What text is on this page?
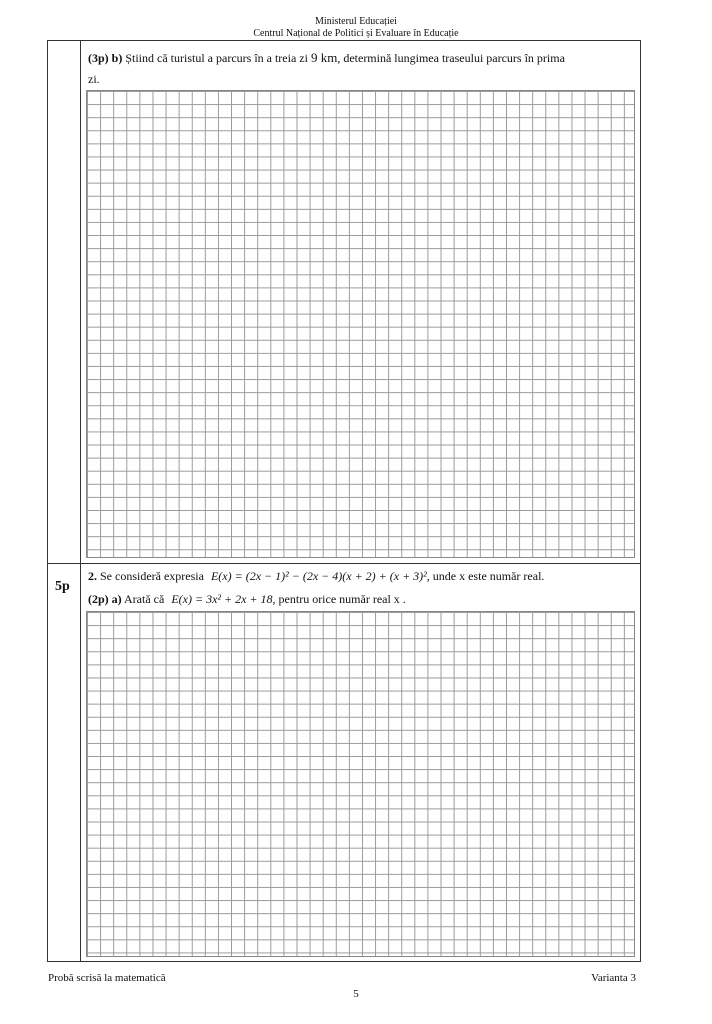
Ministerul Educației
Centrul Național de Politici și Evaluare în Educație
(3p) b) Știind că turistul a parcurs în a treia zi 9 km, determină lungimea traseului parcurs în prima
zi.
5p
2. Se consideră expresia E(x) = (2x − 1)² − (2x − 4)(x + 2) + (x + 3)², unde x este număr real.
(2p) a) Arată că E(x) = 3x² + 2x + 18, pentru orice număr real x .
Probă scrisă la matematică	Varianta 3
5
